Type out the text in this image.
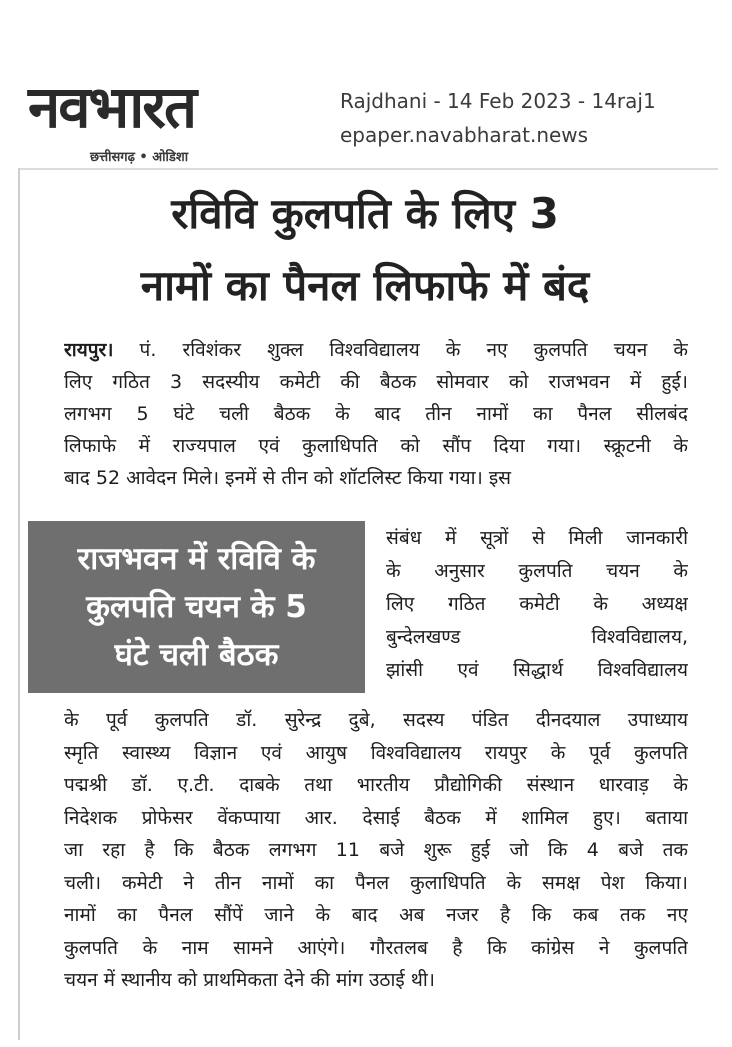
नवभारत
छत्तीसगढ़ • ओडिशा
Rajdhani - 14 Feb 2023 - 14raj1
epaper.navabharat.news
रविवि कुलपति के लिए 3
नामों का पैनल लिफाफे में बंद
रायपुर। पं. रविशंकर शुक्ल विश्वविद्यालय के नए कुलपति चयन के
लिए गठित 3 सदस्यीय कमेटी की बैठक सोमवार को राजभवन में हुई।
लगभग 5 घंटे चली बैठक के बाद तीन नामों का पैनल सीलबंद
लिफाफे में राज्यपाल एवं कुलाधिपति को सौंप दिया गया। स्क्रूटनी के
बाद 52 आवेदन मिले। इनमें से तीन को शॉटलिस्ट किया गया। इस
राजभवन में रविवि के
कुलपति चयन के 5
घंटे चली बैठक
संबंध में सूत्रों से मिली जानकारी
के अनुसार कुलपति चयन के
लिए गठित कमेटी के अध्यक्ष
बुन्देलखण्ड विश्वविद्यालय,
झांसी एवं सिद्धार्थ विश्वविद्यालय
के पूर्व कुलपति डॉ. सुरेन्द्र दुबे, सदस्य पंडित दीनदयाल उपाध्याय
स्मृति स्वास्थ्य विज्ञान एवं आयुष विश्वविद्यालय रायपुर के पूर्व कुलपति
पद्मश्री डॉ. ए.टी. दाबके तथा भारतीय प्रौद्योगिकी संस्थान धारवाड़ के
निदेशक प्रोफेसर वेंकप्पाया आर. देसाई बैठक में शामिल हुए। बताया
जा रहा है कि बैठक लगभग 11 बजे शुरू हुई जो कि 4 बजे तक
चली। कमेटी ने तीन नामों का पैनल कुलाधिपति के समक्ष पेश किया।
नामों का पैनल सौंपें जाने के बाद अब नजर है कि कब तक नए
कुलपति के नाम सामने आएंगे। गौरतलब है कि कांग्रेस ने कुलपति
चयन में स्थानीय को प्राथमिकता देने की मांग उठाई थी।
